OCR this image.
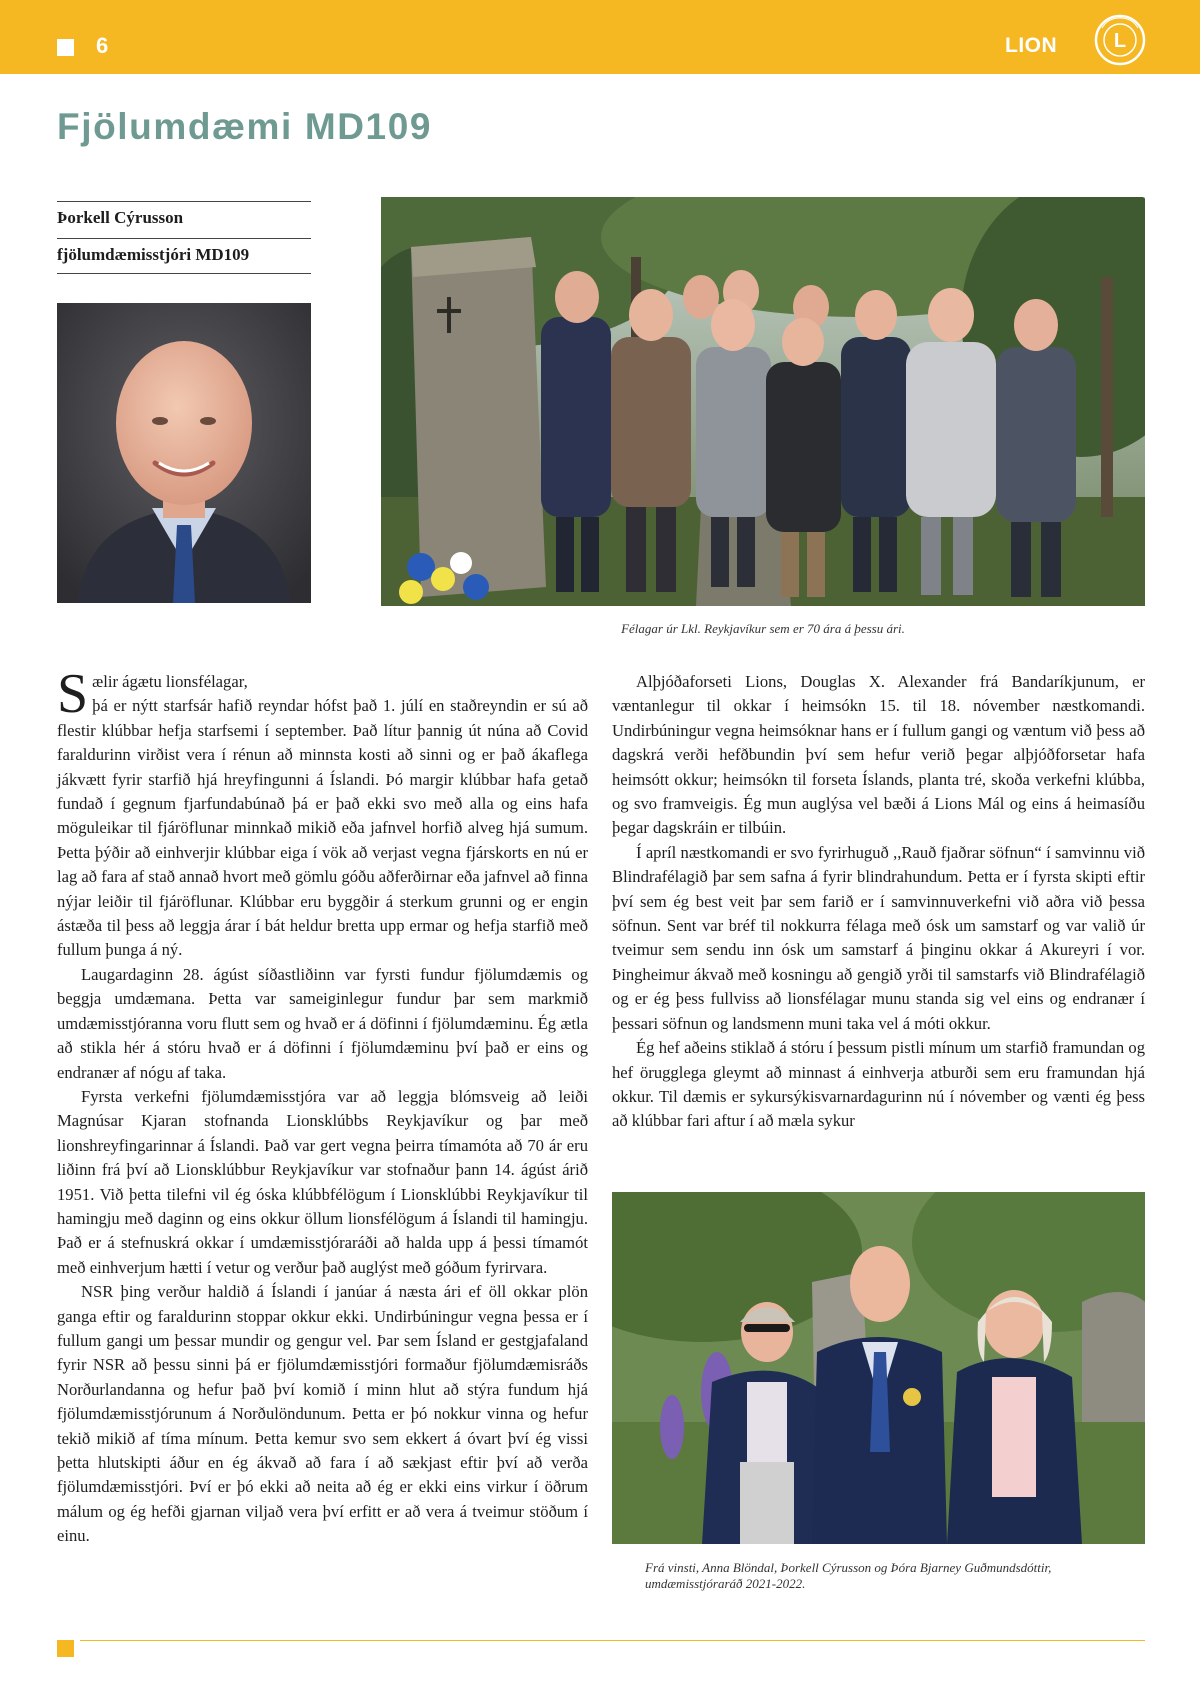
6	LION	L
Fjölumdæmi MD109
Þorkell Cýrusson
fjölumdæmisstjóri MD109
Félagar úr Lkl. Reykjavíkur sem er 70 ára á þessu ári.

Sælir ágætu lionsfélagar,
þá er nýtt starfsár hafið reyndar hófst það 1. júlí en staðreyndin er sú að flestir klúbbar hefja starfsemi í september. Það lítur þannig út núna að Covid faraldurinn virðist vera í rénun að minnsta kosti að sinni og er það ákaflega jákvætt fyrir starfið hjá hreyfingunni á Íslandi. Þó margir klúbbar hafa getað fundað í gegnum fjarfundabúnað þá er það ekki svo með alla og eins hafa möguleikar til fjáröflunar minnkað mikið eða jafnvel horfið alveg hjá sumum. Þetta þýðir að einhverjir klúbbar eiga í vök að verjast vegna fjárskorts en nú er lag að fara af stað annað hvort með gömlu góðu aðferðirnar eða jafnvel að finna nýjar leiðir til fjáröflunar. Klúbbar eru byggðir á sterkum grunni og er engin ástæða til þess að leggja árar í bát heldur bretta upp ermar og hefja starfið með fullum þunga á ný.

Laugardaginn 28. ágúst síðastliðinn var fyrsti fundur fjölumdæmis og beggja umdæmana. Þetta var sameiginlegur fundur þar sem markmið umdæmisstjóranna voru flutt sem og hvað er á döfinni í fjölumdæminu. Ég ætla að stikla hér á stóru hvað er á döfinni í fjölumdæminu því það er eins og endranær af nógu af taka.

Fyrsta verkefni fjölumdæmisstjóra var að leggja blómsveig að leiði Magnúsar Kjaran stofnanda Lionsklúbbs Reykjavíkur og þar með lionshreyfingarinnar á Íslandi. Það var gert vegna þeirra tímamóta að 70 ár eru liðinn frá því að Lionsklúbbur Reykjavíkur var stofnaður þann 14. ágúst árið 1951. Við þetta tilefni vil ég óska klúbbfélögum í Lionsklúbbi Reykjavíkur til hamingju með daginn og eins okkur öllum lionsfélögum á Íslandi til hamingju. Það er á stefnuskrá okkar í umdæmisstjóraráði að halda upp á þessi tímamót með einhverjum hætti í vetur og verður það auglýst með góðum fyrirvara.

NSR þing verður haldið á Íslandi í janúar á næsta ári ef öll okkar plön ganga eftir og faraldurinn stoppar okkur ekki. Undirbúningur vegna þessa er í fullum gangi um þessar mundir og gengur vel. Þar sem Ísland er gestgjafaland fyrir NSR að þessu sinni þá er fjölumdæmisstjóri formaður fjölumdæmisráðs Norðurlandanna og hefur það því komið í minn hlut að stýra fundum hjá fjölumdæmisstjórunum á Norðulöndunum. Þetta er þó nokkur vinna og hefur tekið mikið af tíma mínum. Þetta kemur svo sem ekkert á óvart því ég vissi þetta hlutskipti áður en ég ákvað að fara í að sækjast eftir því að verða fjölumdæmisstjóri. Því er þó ekki að neita að ég er ekki eins virkur í öðrum málum og ég hefði gjarnan viljað vera því erfitt er að vera á tveimur stöðum í einu.

Alþjóðaforseti Lions, Douglas X. Alexander frá Bandaríkjunum, er væntanlegur til okkar í heimsókn 15. til 18. nóvember næstkomandi. Undirbúningur vegna heimsóknar hans er í fullum gangi og væntum við þess að dagskrá verði hefðbundin því sem hefur verið þegar alþjóðforsetar hafa heimsótt okkur; heimsókn til forseta Íslands, planta tré, skoða verkefni klúbba, og svo framveigis. Ég mun auglýsa vel bæði á Lions Mál og eins á heimasíðu þegar dagskráin er tilbúin.

Í apríl næstkomandi er svo fyrirhuguð ,,Rauð fjaðrar söfnun“ í samvinnu við Blindrafélagið þar sem safna á fyrir blindrahundum. Þetta er í fyrsta skipti eftir því sem ég best veit þar sem farið er í samvinnuverkefni við aðra við þessa söfnun. Sent var bréf til nokkurra félaga með ósk um samstarf og var valið úr tveimur sem sendu inn ósk um samstarf á þinginu okkar á Akureyri í vor. Þingheimur ákvað með kosningu að gengið yrði til samstarfs við Blindrafélagið og er ég þess fullviss að lionsfélagar munu standa sig vel eins og endranær í þessari söfnun og landsmenn muni taka vel á móti okkur.

Ég hef aðeins stiklað á stóru í þessum pistli mínum um starfið framundan og hef örugglega gleymt að minnast á einhverja atburði sem eru framundan hjá okkur. Til dæmis er sykursýkisvarnardagurinn nú í nóvember og vænti ég þess að klúbbar fari aftur í að mæla sykur

Frá vinsti, Anna Blöndal, Þorkell Cýrusson og Þóra Bjarney Guðmundsdóttir, umdæmisstjóraráð 2021-2022.
